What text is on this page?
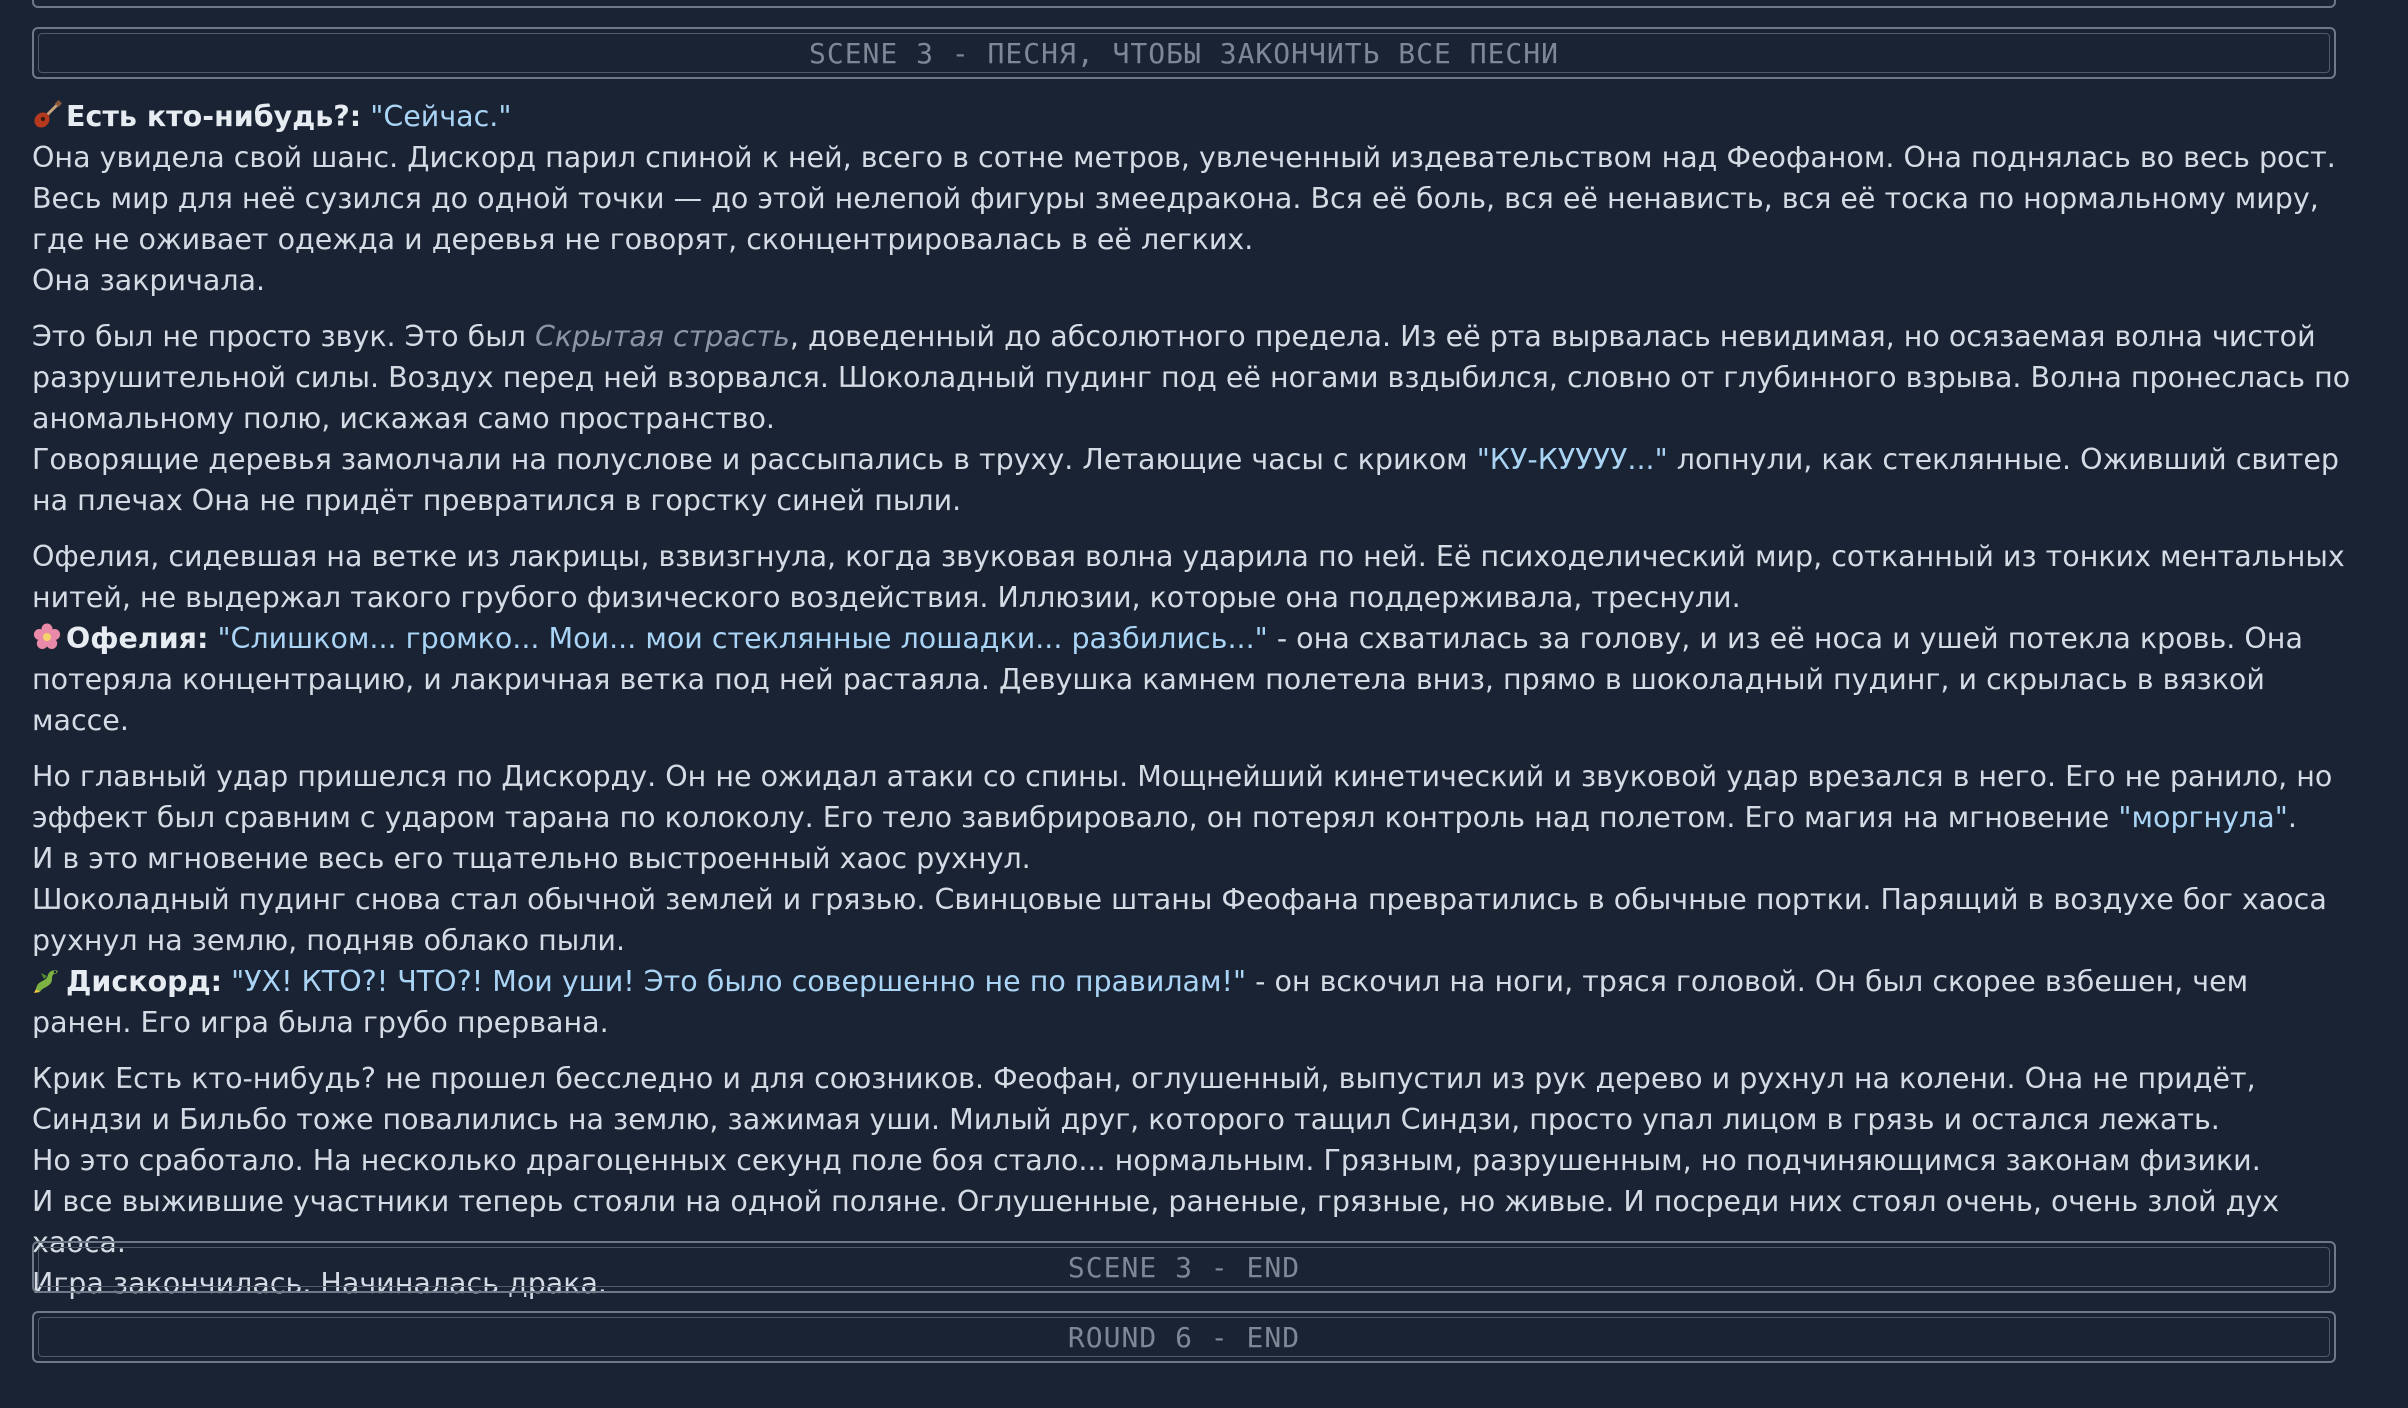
SCENE 3 - ПЕСНЯ, ЧТОБЫ ЗАКОНЧИТЬ ВСЕ ПЕСНИ

Есть кто-нибудь?: "Сейчас."
Она увидела свой шанс. Дискорд парил спиной к ней, всего в сотне метров, увлеченный издевательством над Феофаном. Она поднялась во весь рост. Весь мир для неё сузился до одной точки — до этой нелепой фигуры змеедракона. Вся её боль, вся её ненависть, вся её тоска по нормальному миру, где не оживает одежда и деревья не говорят, сконцентрировалась в её легких.
Она закричала.

Это был не просто звук. Это был Скрытая страсть, доведенный до абсолютного предела. Из её рта вырвалась невидимая, но осязаемая волна чистой разрушительной силы. Воздух перед ней взорвался. Шоколадный пудинг под её ногами вздыбился, словно от глубинного взрыва. Волна пронеслась по аномальному полю, искажая само пространство.
Говорящие деревья замолчали на полуслове и рассыпались в труху. Летающие часы с криком "КУ-КУУУУ..." лопнули, как стеклянные. Оживший свитер на плечах Она не придёт превратился в горстку синей пыли.

Офелия, сидевшая на ветке из лакрицы, взвизгнула, когда звуковая волна ударила по ней. Её психоделический мир, сотканный из тонких ментальных нитей, не выдержал такого грубого физического воздействия. Иллюзии, которые она поддерживала, треснули.
Офелия: "Слишком... громко... Мои... мои стеклянные лошадки... разбились..." - она схватилась за голову, и из её носа и ушей потекла кровь. Она потеряла концентрацию, и лакричная ветка под ней растаяла. Девушка камнем полетела вниз, прямо в шоколадный пудинг, и скрылась в вязкой массе.

Но главный удар пришелся по Дискорду. Он не ожидал атаки со спины. Мощнейший кинетический и звуковой удар врезался в него. Его не ранило, но эффект был сравним с ударом тарана по колоколу. Его тело завибрировало, он потерял контроль над полетом. Его магия на мгновение "моргнула".
И в это мгновение весь его тщательно выстроенный хаос рухнул.
Шоколадный пудинг снова стал обычной землей и грязью. Свинцовые штаны Феофана превратились в обычные портки. Парящий в воздухе бог хаоса рухнул на землю, подняв облако пыли.
Дискорд: "УХ! КТО?! ЧТО?! Мои уши! Это было совершенно не по правилам!" - он вскочил на ноги, тряся головой. Он был скорее взбешен, чем ранен. Его игра была грубо прервана.

Крик Есть кто-нибудь? не прошел бесследно и для союзников. Феофан, оглушенный, выпустил из рук дерево и рухнул на колени. Она не придёт, Синдзи и Бильбо тоже повалились на землю, зажимая уши. Милый друг, которого тащил Синдзи, просто упал лицом в грязь и остался лежать.
Но это сработало. На несколько драгоценных секунд поле боя стало... нормальным. Грязным, разрушенным, но подчиняющимся законам физики.
И все выжившие участники теперь стояли на одной поляне. Оглушенные, раненые, грязные, но живые. И посреди них стоял очень, очень злой дух хаоса.
Игра закончилась. Начиналась драка.	SCENE 3 - END
ROUND 6 - END
